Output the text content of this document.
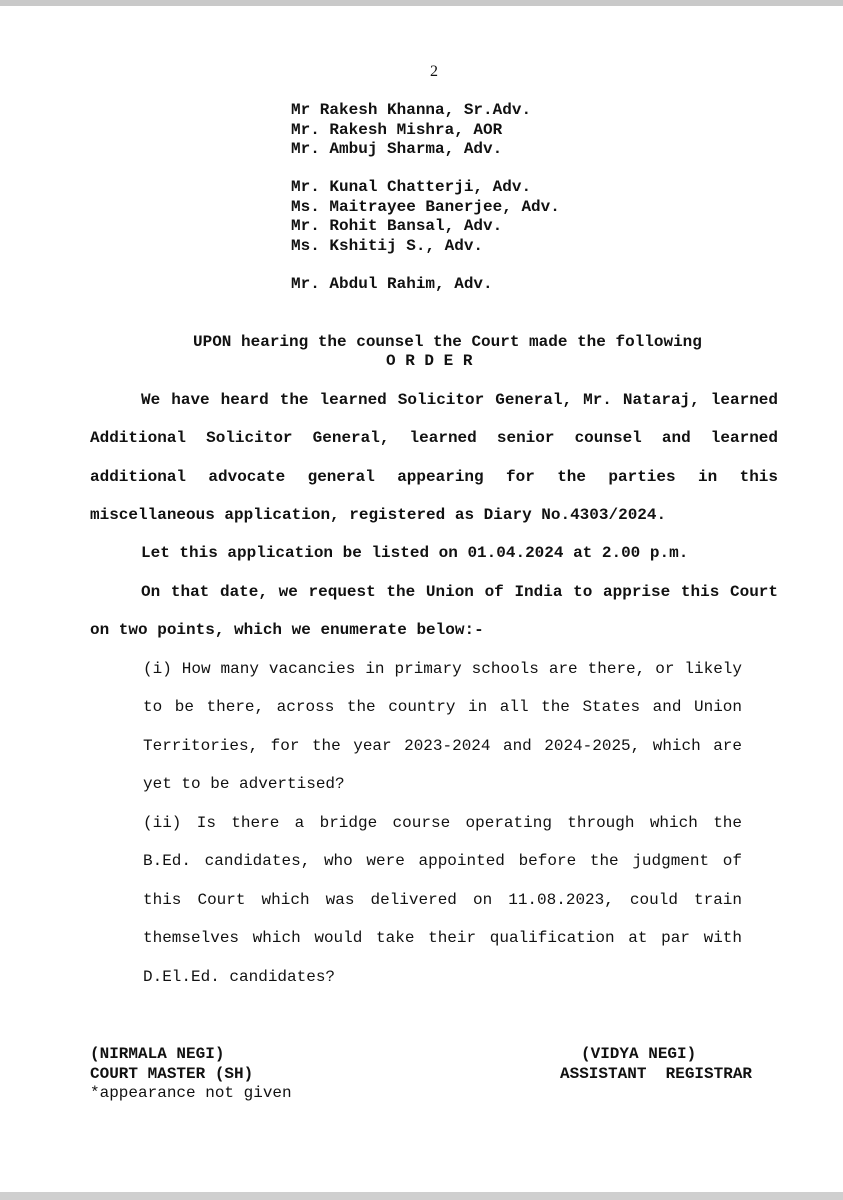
2
Mr Rakesh Khanna, Sr.Adv.
Mr. Rakesh Mishra, AOR
Mr. Ambuj Sharma, Adv.
Mr. Kunal Chatterji, Adv.
Ms. Maitrayee Banerjee, Adv.
Mr. Rohit Bansal, Adv.
Ms. Kshitij S., Adv.
Mr. Abdul Rahim, Adv.
UPON hearing the counsel the Court made the following
O R D E R

We have heard the learned Solicitor General, Mr. Nataraj, learned Additional Solicitor General, learned senior counsel and learned additional advocate general appearing for the parties in this miscellaneous application, registered as Diary No.4303/2024.

Let this application be listed on 01.04.2024 at 2.00 p.m.

On that date, we request the Union of India to apprise this Court on two points, which we enumerate below:-

(i) How many vacancies in primary schools are there, or likely to be there, across the country in all the States and Union Territories, for the year 2023-2024 and 2024-2025, which are yet to be advertised?

(ii) Is there a bridge course operating through which the B.Ed. candidates, who were appointed before the judgment of this Court which was delivered on 11.08.2023, could train themselves which would take their qualification at par with D.El.Ed. candidates?

(NIRMALA NEGI)
COURT MASTER (SH)
*appearance not given
(VIDYA NEGI)
ASSISTANT  REGISTRAR
